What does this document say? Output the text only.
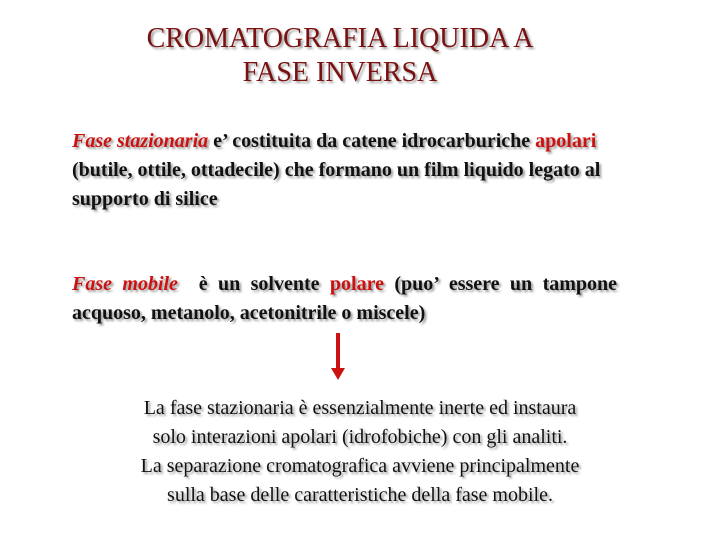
CROMATOGRAFIA LIQUIDA A
FASE INVERSA
Fase stazionaria e’ costituita da catene idrocarburiche apolari (butile, ottile, ottadecile) che formano un film liquido legato al supporto di silice
Fase mobile  è un solvente polare (puo’ essere un tampone acquoso, metanolo, acetonitrile o miscele)
La fase stazionaria è essenzialmente inerte ed instaura
solo interazioni apolari (idrofobiche) con gli analiti.
La separazione cromatografica avviene principalmente
sulla base delle caratteristiche della fase mobile.
